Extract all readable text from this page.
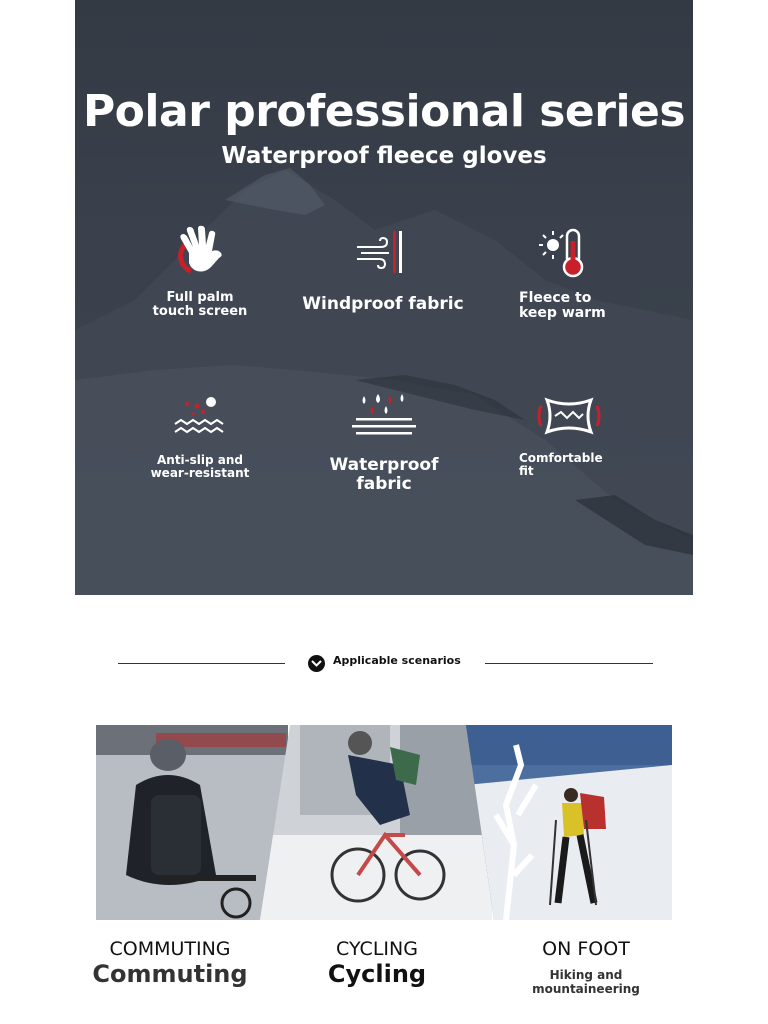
Polar professional series
Waterproof fleece gloves
Full palm
touch screen	Windproof fabric	Fleece to
keep warm
Anti-slip and
wear-resistant	Waterproof fabric
Comfortable
fit
Applicable scenarios
COMMUTING
Commuting
CYCLING
Cycling
ON FOOT
Hiking and mountaineering
